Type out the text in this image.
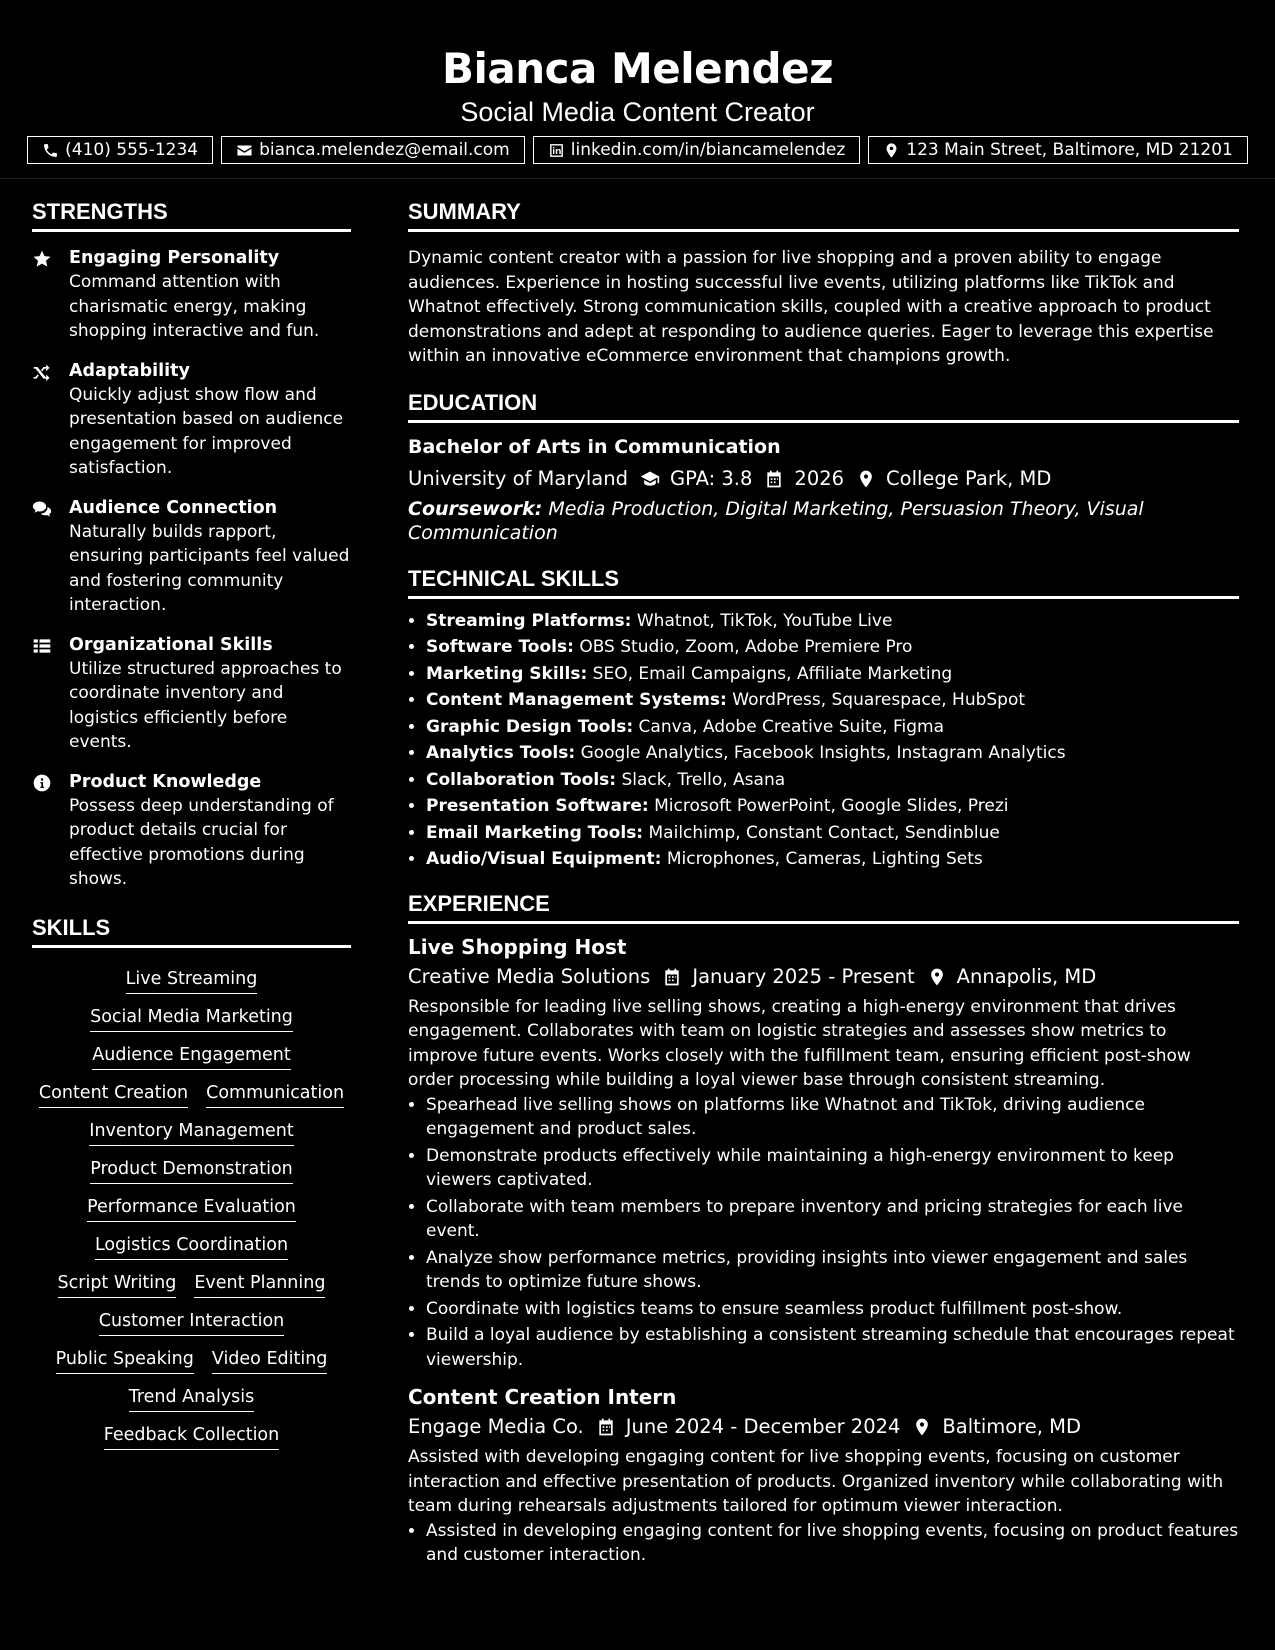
Bianca Melendez
Social Media Content Creator
(410) 555-1234	bianca.melendez@email.com	linkedin.com/in/biancamelendez	123 Main Street, Baltimore, MD 21201
STRENGTHS
Engaging Personality
Command attention with charismatic energy, making shopping interactive and fun.
Adaptability
Quickly adjust show flow and presentation based on audience engagement for improved satisfaction.
Audience Connection
Naturally builds rapport, ensuring participants feel valued and fostering community interaction.
Organizational Skills
Utilize structured approaches to coordinate inventory and logistics efficiently before events.
Product Knowledge
Possess deep understanding of product details crucial for effective promotions during shows.
SKILLS
Live Streaming
Social Media Marketing
Audience Engagement
Content Creation Communication
Inventory Management
Product Demonstration
Performance Evaluation
Logistics Coordination
Script Writing Event Planning
Customer Interaction
Public Speaking Video Editing
Trend Analysis
Feedback Collection
SUMMARY

Dynamic content creator with a passion for live shopping and a proven ability to engage audiences. Experience in hosting successful live events, utilizing platforms like TikTok and Whatnot effectively. Strong communication skills, coupled with a creative approach to product demonstrations and adept at responding to audience queries. Eager to leverage this expertise within an innovative eCommerce environment that champions growth.

EDUCATION
Bachelor of Arts in Communication
University of Maryland GPA: 3.8 2026 College Park, MD
Coursework: Media Production, Digital Marketing, Persuasion Theory, Visual Communication
TECHNICAL SKILLS
• Streaming Platforms: Whatnot, TikTok, YouTube Live
• Software Tools: OBS Studio, Zoom, Adobe Premiere Pro
• Marketing Skills: SEO, Email Campaigns, Affiliate Marketing
• Content Management Systems: WordPress, Squarespace, HubSpot
• Graphic Design Tools: Canva, Adobe Creative Suite, Figma
• Analytics Tools: Google Analytics, Facebook Insights, Instagram Analytics
• Collaboration Tools: Slack, Trello, Asana
• Presentation Software: Microsoft PowerPoint, Google Slides, Prezi
• Email Marketing Tools: Mailchimp, Constant Contact, Sendinblue
• Audio/Visual Equipment: Microphones, Cameras, Lighting Sets
EXPERIENCE
Live Shopping Host
Creative Media Solutions January 2025 - Present Annapolis, MD

Responsible for leading live selling shows, creating a high-energy environment that drives engagement. Collaborates with team on logistic strategies and assesses show metrics to improve future events. Works closely with the fulfillment team, ensuring efficient post-show order processing while building a loyal viewer base through consistent streaming.

• Spearhead live selling shows on platforms like Whatnot and TikTok, driving audience engagement and product sales.
• Demonstrate products effectively while maintaining a high-energy environment to keep viewers captivated.
• Collaborate with team members to prepare inventory and pricing strategies for each live event.
• Analyze show performance metrics, providing insights into viewer engagement and sales trends to optimize future shows.
• Coordinate with logistics teams to ensure seamless product fulfillment post-show.
• Build a loyal audience by establishing a consistent streaming schedule that encourages repeat viewership.
Content Creation Intern
Engage Media Co. June 2024 - December 2024 Baltimore, MD

Assisted with developing engaging content for live shopping events, focusing on customer interaction and effective presentation of products. Organized inventory while collaborating with team during rehearsals adjustments tailored for optimum viewer interaction.

• Assisted in developing engaging content for live shopping events, focusing on product features and customer interaction.
